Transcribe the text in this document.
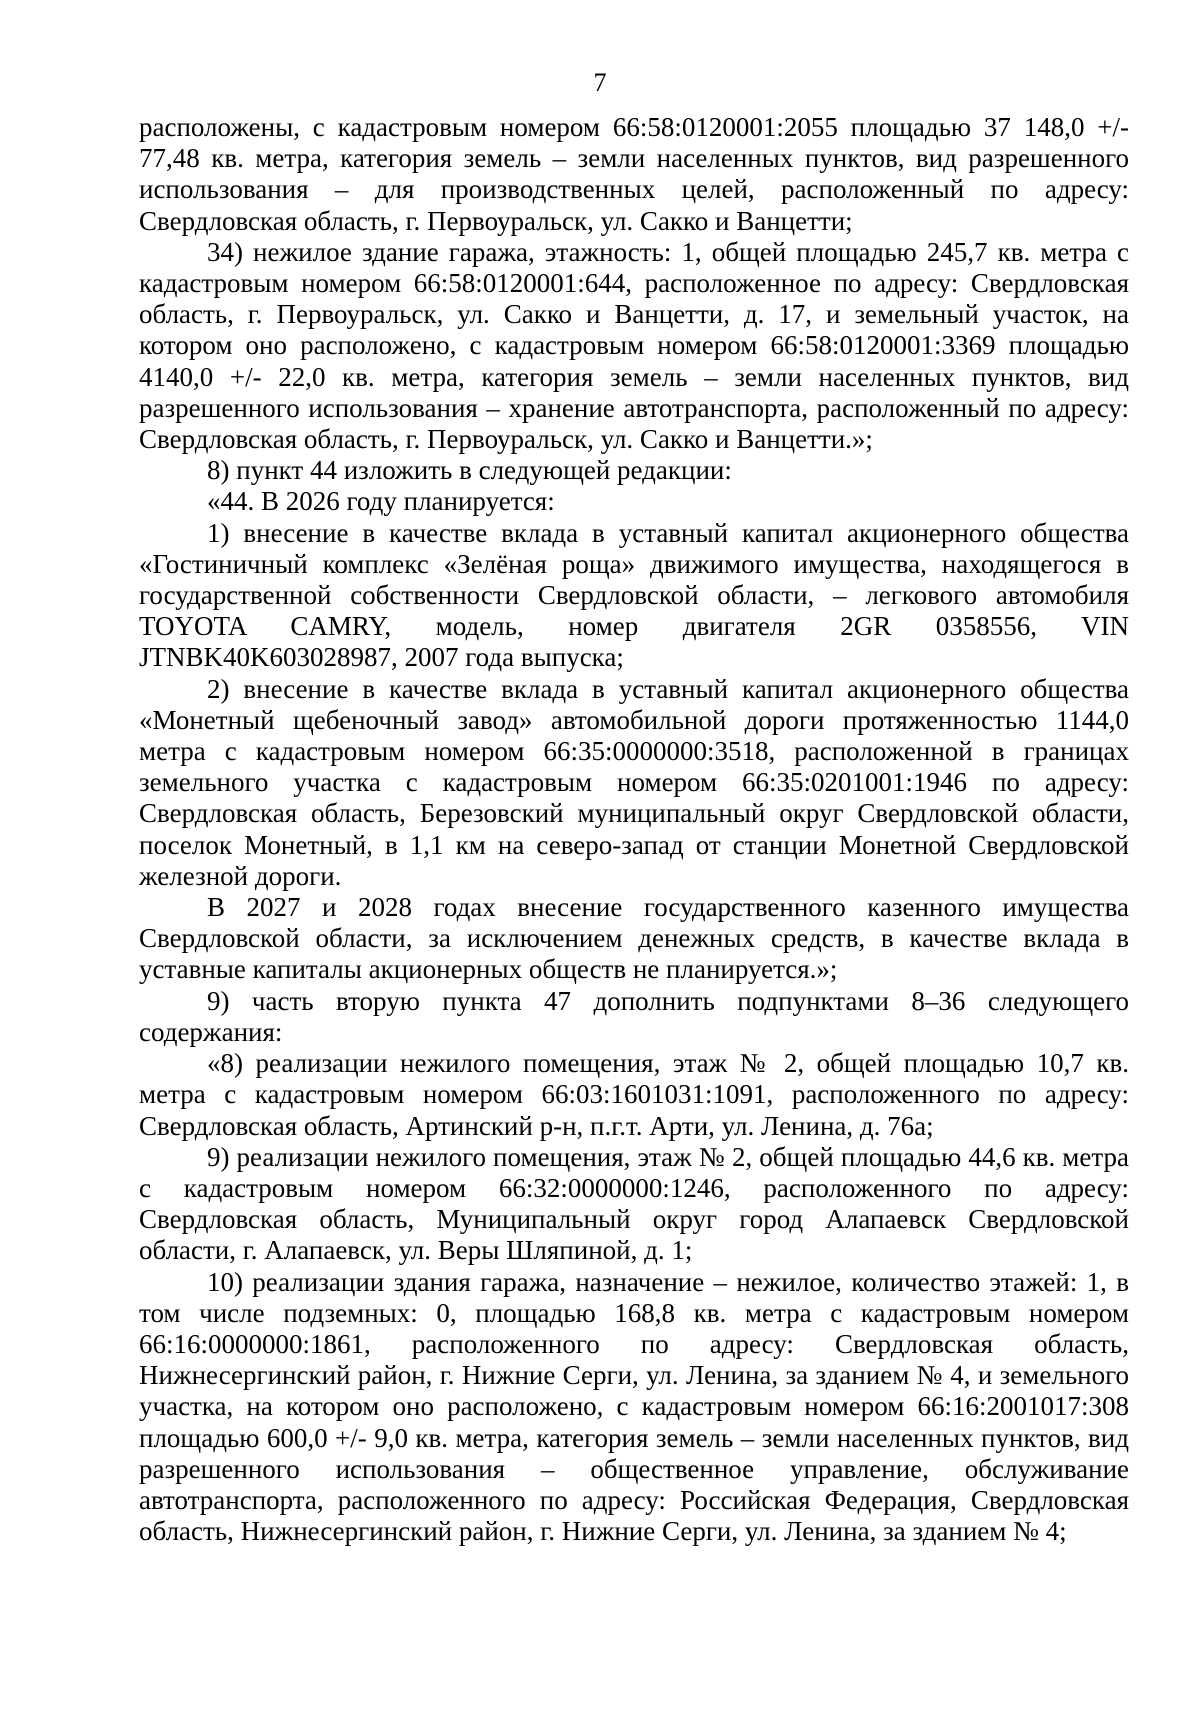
7

расположены, с кадастровым номером 66:58:0120001:2055 площадью 37 148,0 +/- 77,48 кв. метра, категория земель – земли населенных пунктов, вид разрешенного использования – для производственных целей, расположенный по адресу: Свердловская область, г. Первоуральск, ул. Сакко и Ванцетти;

34) нежилое здание гаража, этажность: 1, общей площадью 245,7 кв. метра с кадастровым номером 66:58:0120001:644, расположенное по адресу: Свердловская область, г. Первоуральск, ул. Сакко и Ванцетти, д. 17, и земельный участок, на котором оно расположено, с кадастровым номером 66:58:0120001:3369 площадью 4140,0 +/- 22,0 кв. метра, категория земель – земли населенных пунктов, вид разрешенного использования – хранение автотранспорта, расположенный по адресу: Свердловская область, г. Первоуральск, ул. Сакко и Ванцетти.»;

8) пункт 44 изложить в следующей редакции:

«44. В 2026 году планируется:

1) внесение в качестве вклада в уставный капитал акционерного общества «Гостиничный комплекс «Зелёная роща» движимого имущества, находящегося в государственной собственности Свердловской области, – легкового автомобиля TOYOTA CAMRY, модель, номер двигателя 2GR 0358556, VIN JTNBK40K603028987, 2007 года выпуска;

2) внесение в качестве вклада в уставный капитал акционерного общества «Монетный щебеночный завод» автомобильной дороги протяженностью 1144,0 метра с кадастровым номером 66:35:0000000:3518, расположенной в границах земельного участка с кадастровым номером 66:35:0201001:1946 по адресу: Свердловская область, Березовский муниципальный округ Свердловской области, поселок Монетный, в 1,1 км на северо-запад от станции Монетной Свердловской железной дороги.

В 2027 и 2028 годах внесение государственного казенного имущества Свердловской области, за исключением денежных средств, в качестве вклада в уставные капиталы акционерных обществ не планируется.»;

9) часть вторую пункта 47 дополнить подпунктами 8–36 следующего содержания:

«8) реализации нежилого помещения, этаж № 2, общей площадью 10,7 кв. метра с кадастровым номером 66:03:1601031:1091, расположенного по адресу: Свердловская область, Артинский р-н, п.г.т. Арти, ул. Ленина, д. 76а;

9) реализации нежилого помещения, этаж № 2, общей площадью 44,6 кв. метра с кадастровым номером 66:32:0000000:1246, расположенного по адресу: Свердловская область, Муниципальный округ город Алапаевск Свердловской области, г. Алапаевск, ул. Веры Шляпиной, д. 1;

10) реализации здания гаража, назначение – нежилое, количество этажей: 1, в том числе подземных: 0, площадью 168,8 кв. метра с кадастровым номером 66:16:0000000:1861, расположенного по адресу: Свердловская область, Нижнесергинский район, г. Нижние Серги, ул. Ленина, за зданием № 4, и земельного участка, на котором оно расположено, с кадастровым номером 66:16:2001017:308 площадью 600,0 +/- 9,0 кв. метра, категория земель – земли населенных пунктов, вид разрешенного использования – общественное управление, обслуживание автотранспорта, расположенного по адресу: Российская Федерация, Свердловская область, Нижнесергинский район, г. Нижние Серги, ул. Ленина, за зданием № 4;
